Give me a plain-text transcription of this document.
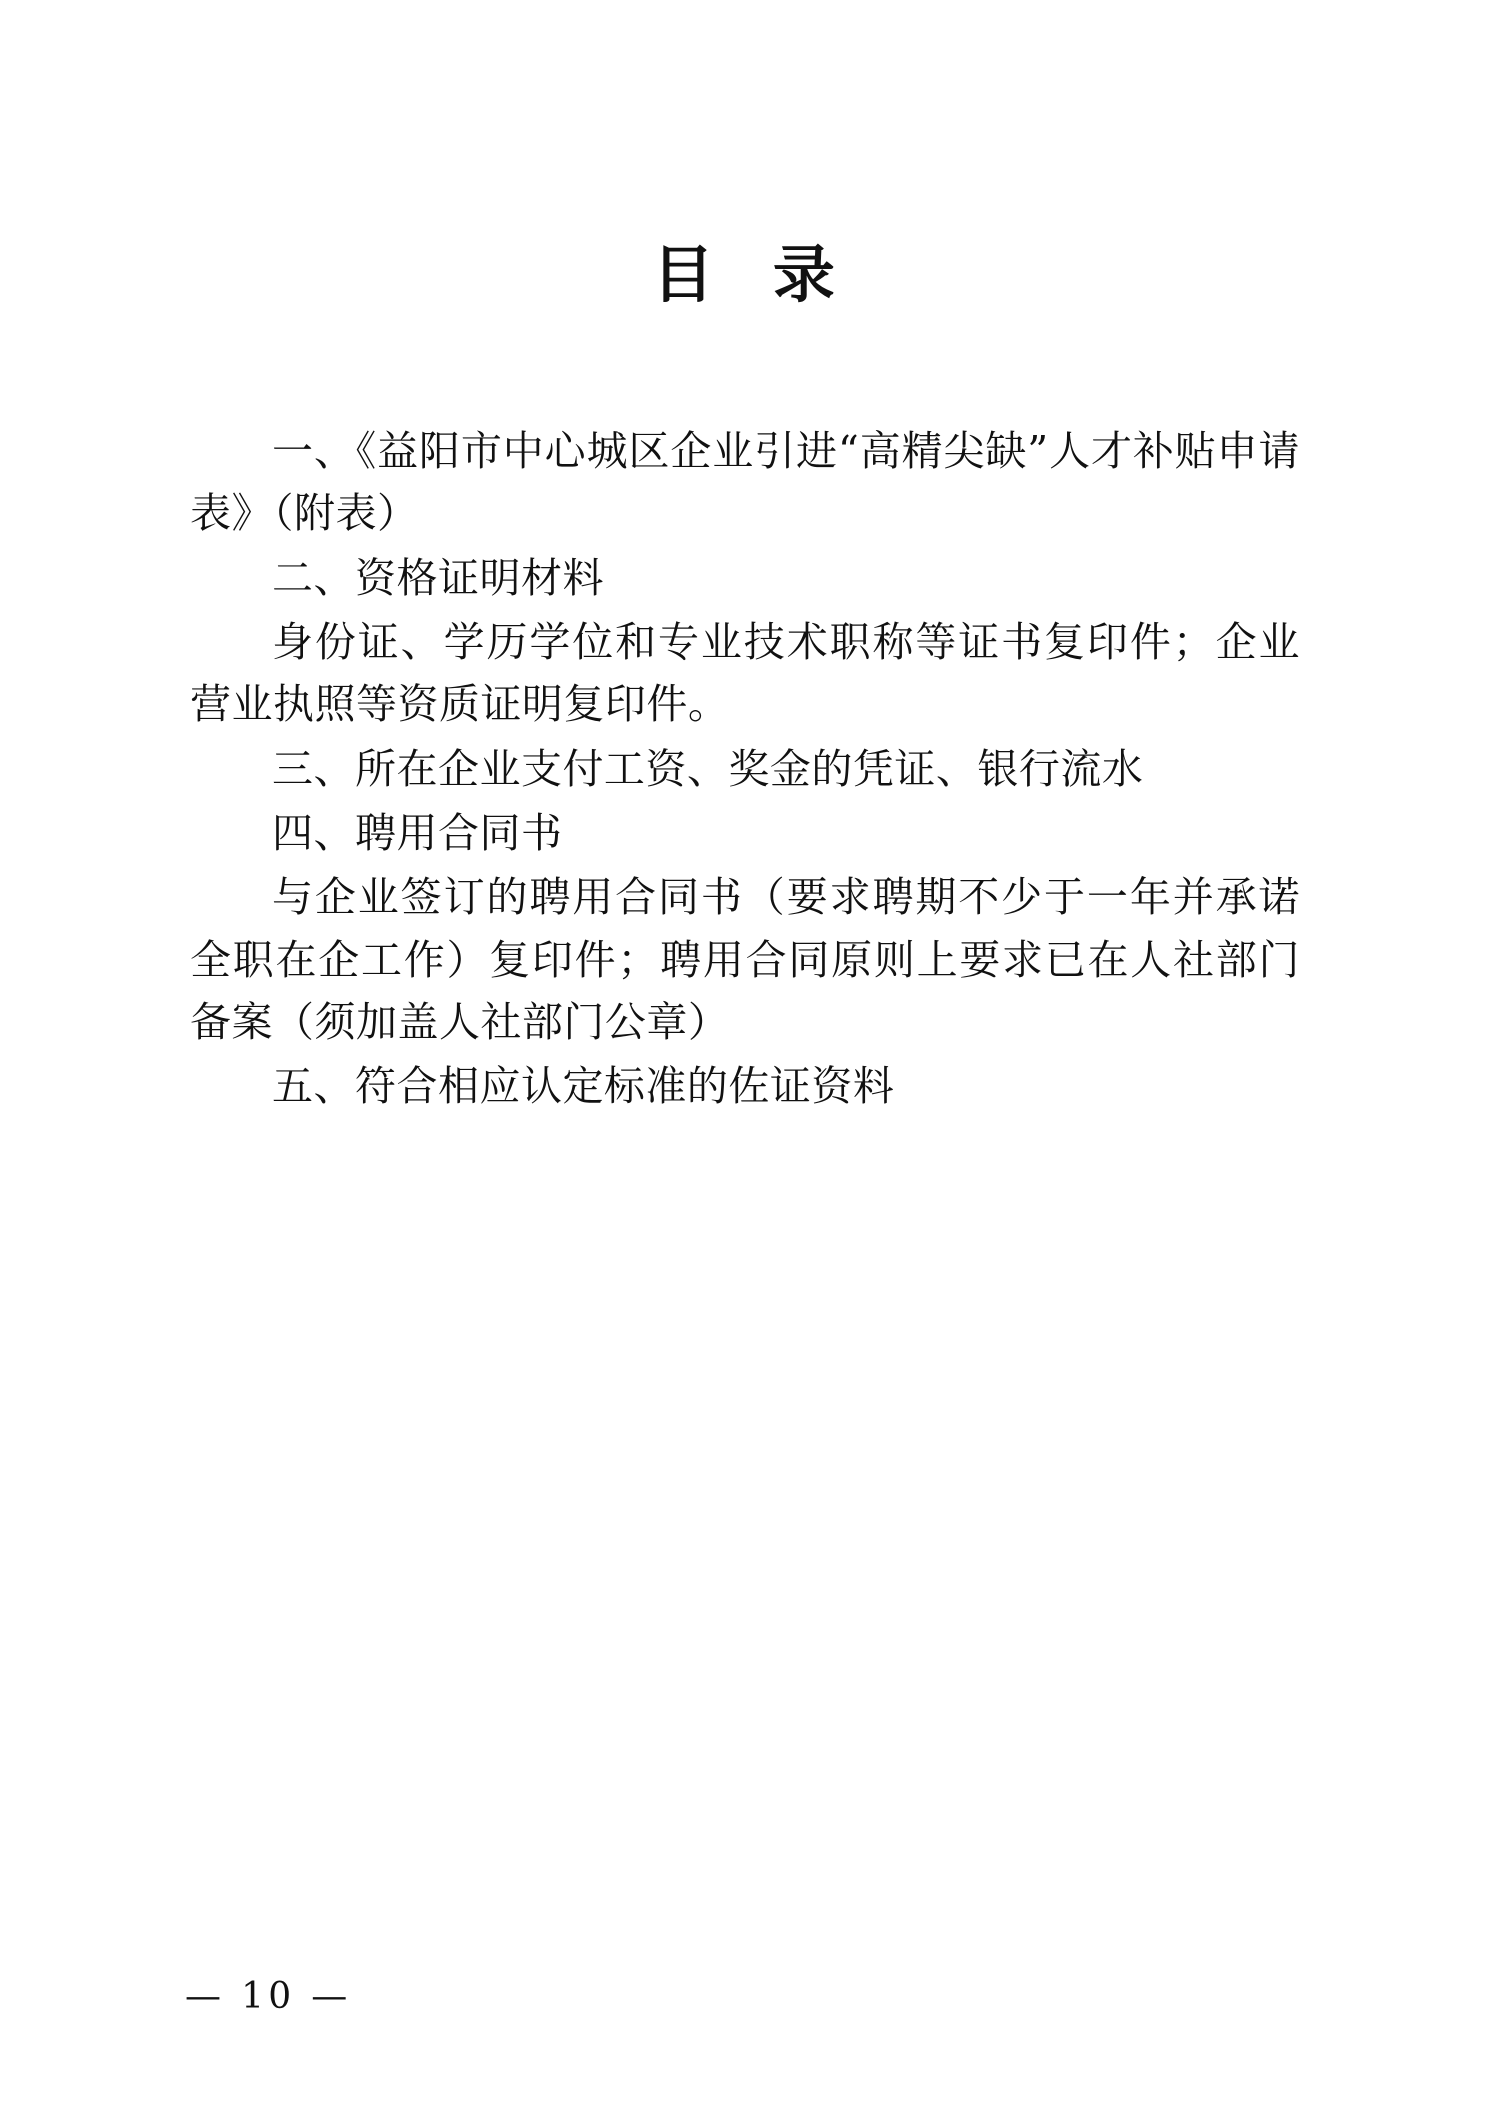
目 录

一、《益阳市中心城区企业引进“高精尖缺”人才补贴申请表》（附表）

二、资格证明材料

身份证、学历学位和专业技术职称等证书复印件；企业营业执照等资质证明复印件。

三、所在企业支付工资、奖金的凭证、银行流水

四、聘用合同书

与企业签订的聘用合同书（要求聘期不少于一年并承诺全职在企工作）复印件；聘用合同原则上要求已在人社部门备案（须加盖人社部门公章）

五、符合相应认定标准的佐证资料

— 10 —
